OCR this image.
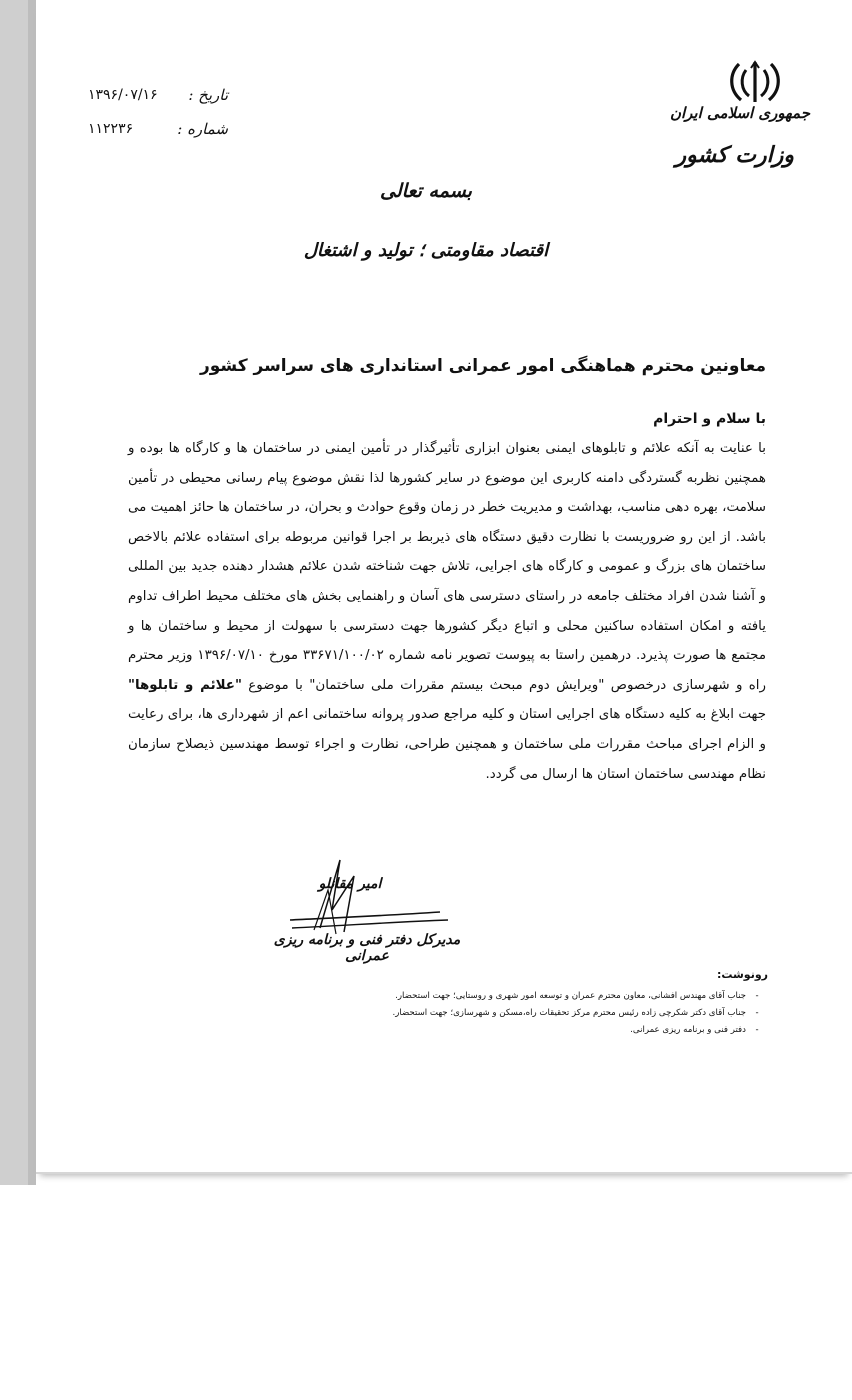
جمهوری اسلامی ایران
وزارت کشور
۱۳۹۶/۰۷/۱۶ تاریخ :
۱۱۲۲۳۶	شماره :
بسمه تعالی
اقتصاد مقاومتی ؛ تولید و اشتغال
معاونین محترم هماهنگی امور عمرانی استانداری های سراسر کشور
با سلام و احترام
با عنایت به آنکه علائم و تابلوهای ایمنی بعنوان ابزاری تأثیرگذار در تأمین ایمنی در ساختمان ها و کارگاه ها بوده و همچنین نظربه گستردگی دامنه کاربری این موضوع در سایر کشورها لذا نقش موضوع پیام رسانی محیطی در تأمین سلامت، بهره دهی مناسب، بهداشت و مدیریت خطر در زمان وقوع حوادث و بحران، در ساختمان ها حائز اهمیت می باشد. از این رو ضروریست با نظارت دقیق دستگاه های ذیربط بر اجرا قوانین مربوطه برای استفاده علائم بالاخص ساختمان های بزرگ و عمومی و کارگاه های اجرایی، تلاش جهت شناخته شدن علائم هشدار دهنده جدید بین المللی و آشنا شدن افراد مختلف جامعه در راستای دسترسی های آسان و راهنمایی بخش های مختلف محیط اطراف تداوم یافته و امکان استفاده ساکنین محلی و اتباع دیگر کشورها جهت دسترسی با سهولت از محیط و ساختمان ها و مجتمع ها صورت پذیرد. درهمین راستا به پیوست تصویر نامه شماره ۳۳۶۷۱/۱۰۰/۰۲ مورخ ۱۳۹۶/۰۷/۱۰ وزیر محترم راه و شهرسازی درخصوص "ویرایش دوم مبحث بیستم مقررات ملی ساختمان" با موضوع "علائم و تابلوها" جهت ابلاغ به کلیه دستگاه های اجرایی استان و کلیه مراجع صدور پروانه ساختمانی اعم از شهرداری ها، برای رعایت و الزام اجرای مباحث مقررات ملی ساختمان و همچنین طراحی، نظارت و اجراء توسط مهندسین ذیصلاح سازمان نظام مهندسی ساختمان استان ها ارسال می گردد.
امیر مقانلو
مدیرکل دفتر فنی و برنامه ریزی عمرانی
رونوشت:
- جناب آقای مهندس افشانی، معاون محترم عمران و توسعه امور شهری و روستایی؛ جهت استحضار.
- جناب آقای دکتر شکرچی زاده رئیس محترم مرکز تحقیقات راه،مسکن و شهرسازی؛ جهت استحضار.
- دفتر فنی و برنامه ریزی عمرانی.
